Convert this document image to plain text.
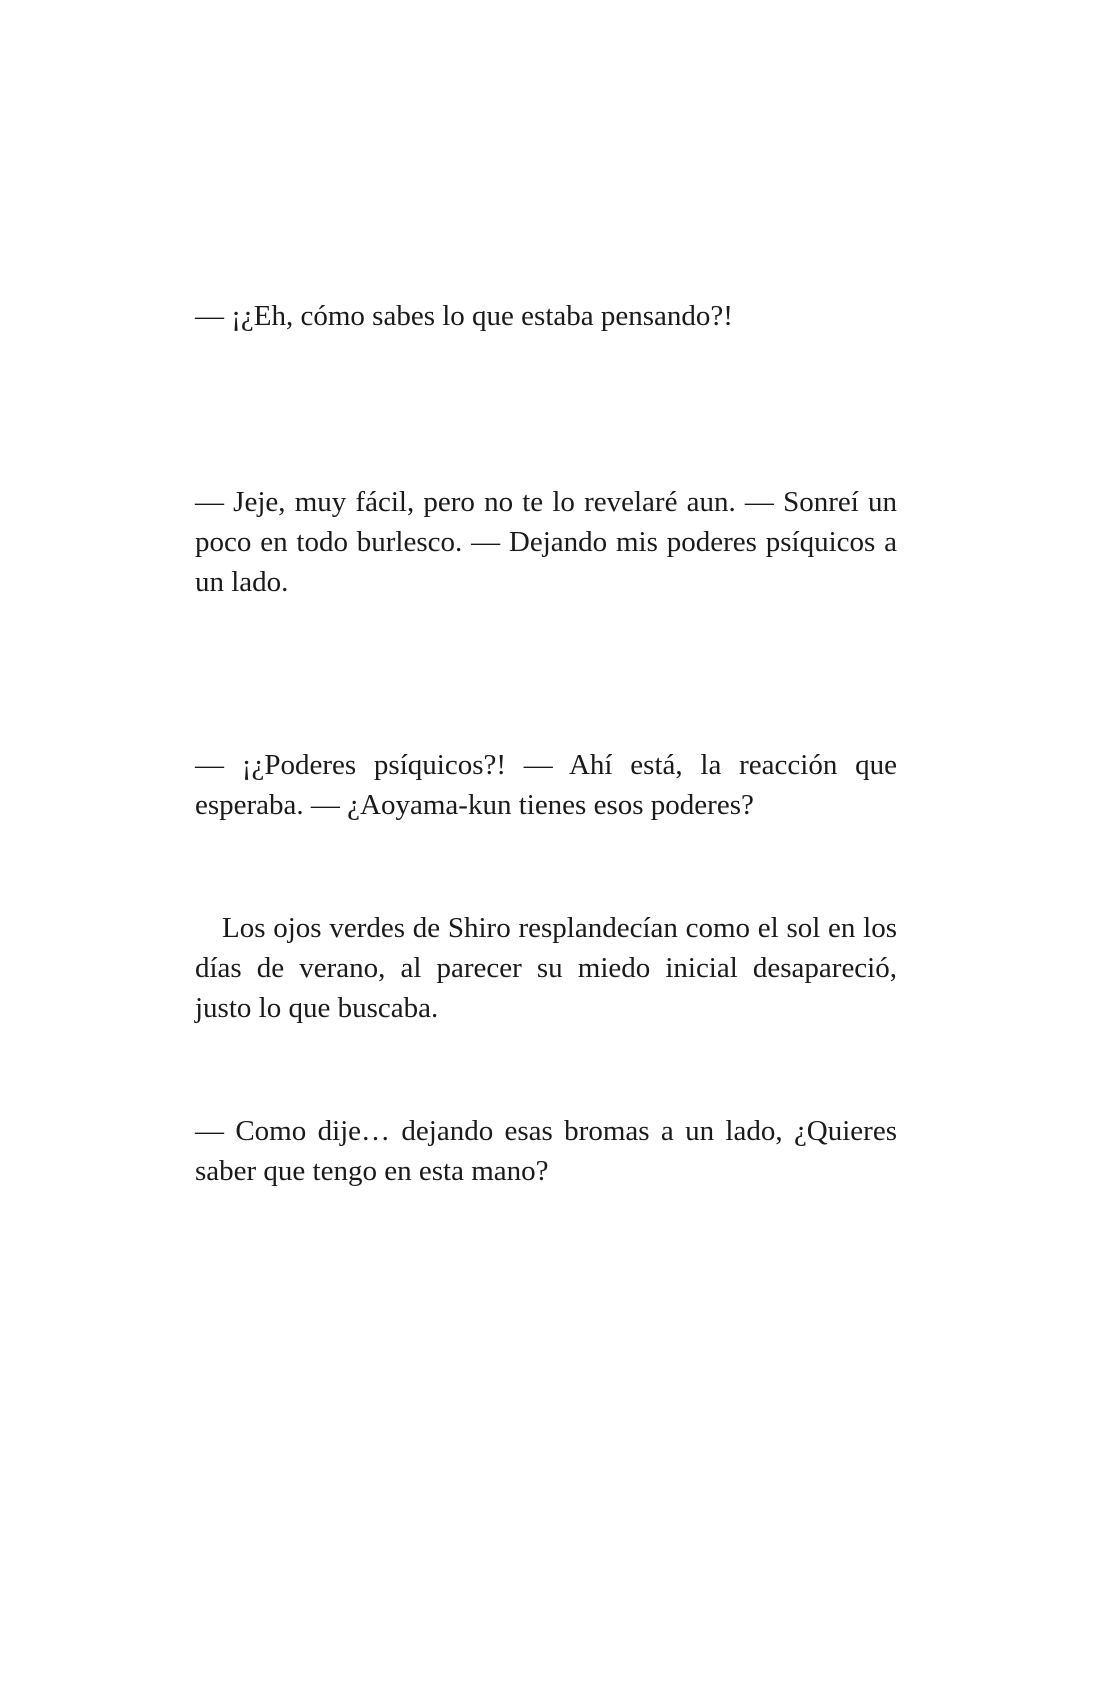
— ¡¿Eh, cómo sabes lo que estaba pensando?!

— Jeje, muy fácil, pero no te lo revelaré aun. — Sonreí un poco en todo burlesco. — Dejando mis poderes psíquicos a un lado.

— ¡¿Poderes psíquicos?! — Ahí está, la reacción que esperaba. — ¿Aoyama-kun tienes esos poderes?

Los ojos verdes de Shiro resplandecían como el sol en los días de verano, al parecer su miedo inicial desapareció, justo lo que buscaba.

— Como dije… dejando esas bromas a un lado, ¿Quieres saber que tengo en esta mano?
